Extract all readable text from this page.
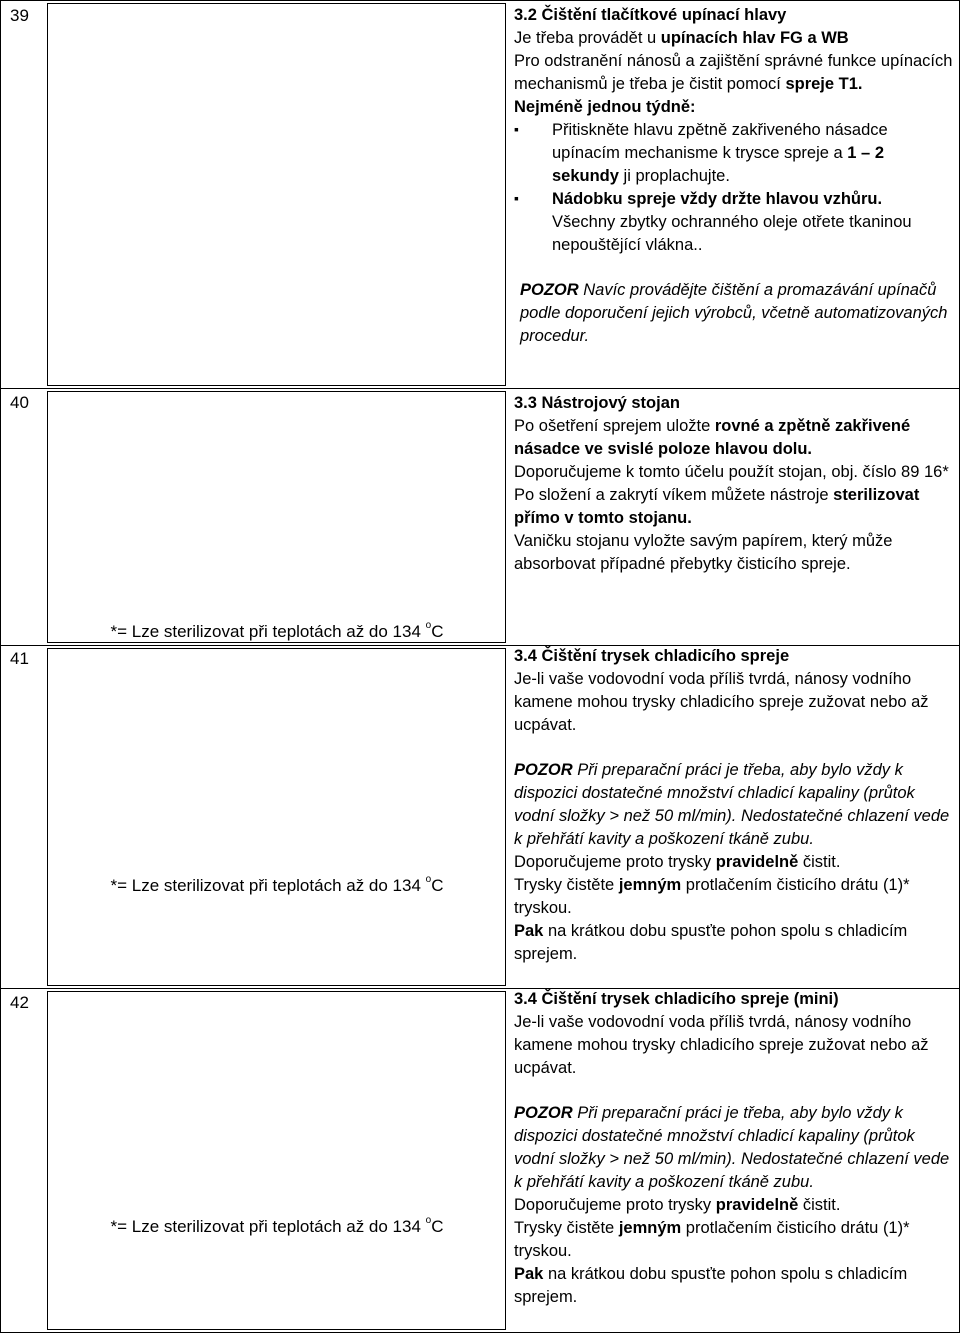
39
40
41
42
*= Lze sterilizovat při teplotách až do 134 $^o$C
*= Lze sterilizovat při teplotách až do 134 $^o$C
*= Lze sterilizovat při teplotách až do 134 $^o$C

3.2 Čištění tlačítkové upínací hlavy

Je třeba provádět u upínacích hlav FG a WB

Pro odstranění nánosů a zajištění správné funkce upínacích mechanismů je třeba je čistit pomocí spreje T1.

Nejméně jednou týdně:

▪ Přitiskněte hlavu zpětně zakřiveného násadce upínacím mechanisme k trysce spreje a 1 – 2 sekundy ji proplachujte.
▪ Nádobku spreje vždy držte hlavou vzhůru.

Všechny zbytky ochranného oleje otřete tkaninou nepouštějící vlákna..

POZOR Navíc provádějte čištění a promazávání upínačů podle doporučení jejich výrobců, včetně automatizovaných procedur.

3.3 Nástrojový stojan

Po ošetření sprejem uložte rovné a zpětně zakřivené násadce ve svislé poloze hlavou dolu.

Doporučujeme k tomto účelu použít stojan, obj. číslo 89 16*

Po složení a zakrytí víkem můžete nástroje sterilizovat přímo v tomto stojanu.

Vaničku stojanu vyložte savým papírem, který může absorbovat případné přebytky čisticího spreje.

3.4 Čištění trysek chladicího spreje

Je-li vaše vodovodní voda příliš tvrdá, nánosy vodního kamene mohou trysky chladicího spreje zužovat nebo až ucpávat.

POZOR Při preparační práci je třeba, aby bylo vždy k dispozici dostatečné množství chladicí kapaliny (průtok vodní složky > než 50 ml/min). Nedostatečné chlazení vede k přehřátí kavity a poškození tkáně zubu.

Doporučujeme proto trysky pravidelně čistit.

Trysky čistěte jemným protlačením čisticího drátu (1)* tryskou.

Pak na krátkou dobu spusťte pohon spolu s chladicím sprejem.

3.4 Čištění trysek chladicího spreje (mini)

Je-li vaše vodovodní voda příliš tvrdá, nánosy vodního kamene mohou trysky chladicího spreje zužovat nebo až ucpávat.

POZOR Při preparační práci je třeba, aby bylo vždy k dispozici dostatečné množství chladicí kapaliny (průtok vodní složky > než 50 ml/min). Nedostatečné chlazení vede k přehřátí kavity a poškození tkáně zubu.

Doporučujeme proto trysky pravidelně čistit.

Trysky čistěte jemným protlačením čisticího drátu (1)* tryskou.

Pak na krátkou dobu spusťte pohon spolu s chladicím sprejem.
